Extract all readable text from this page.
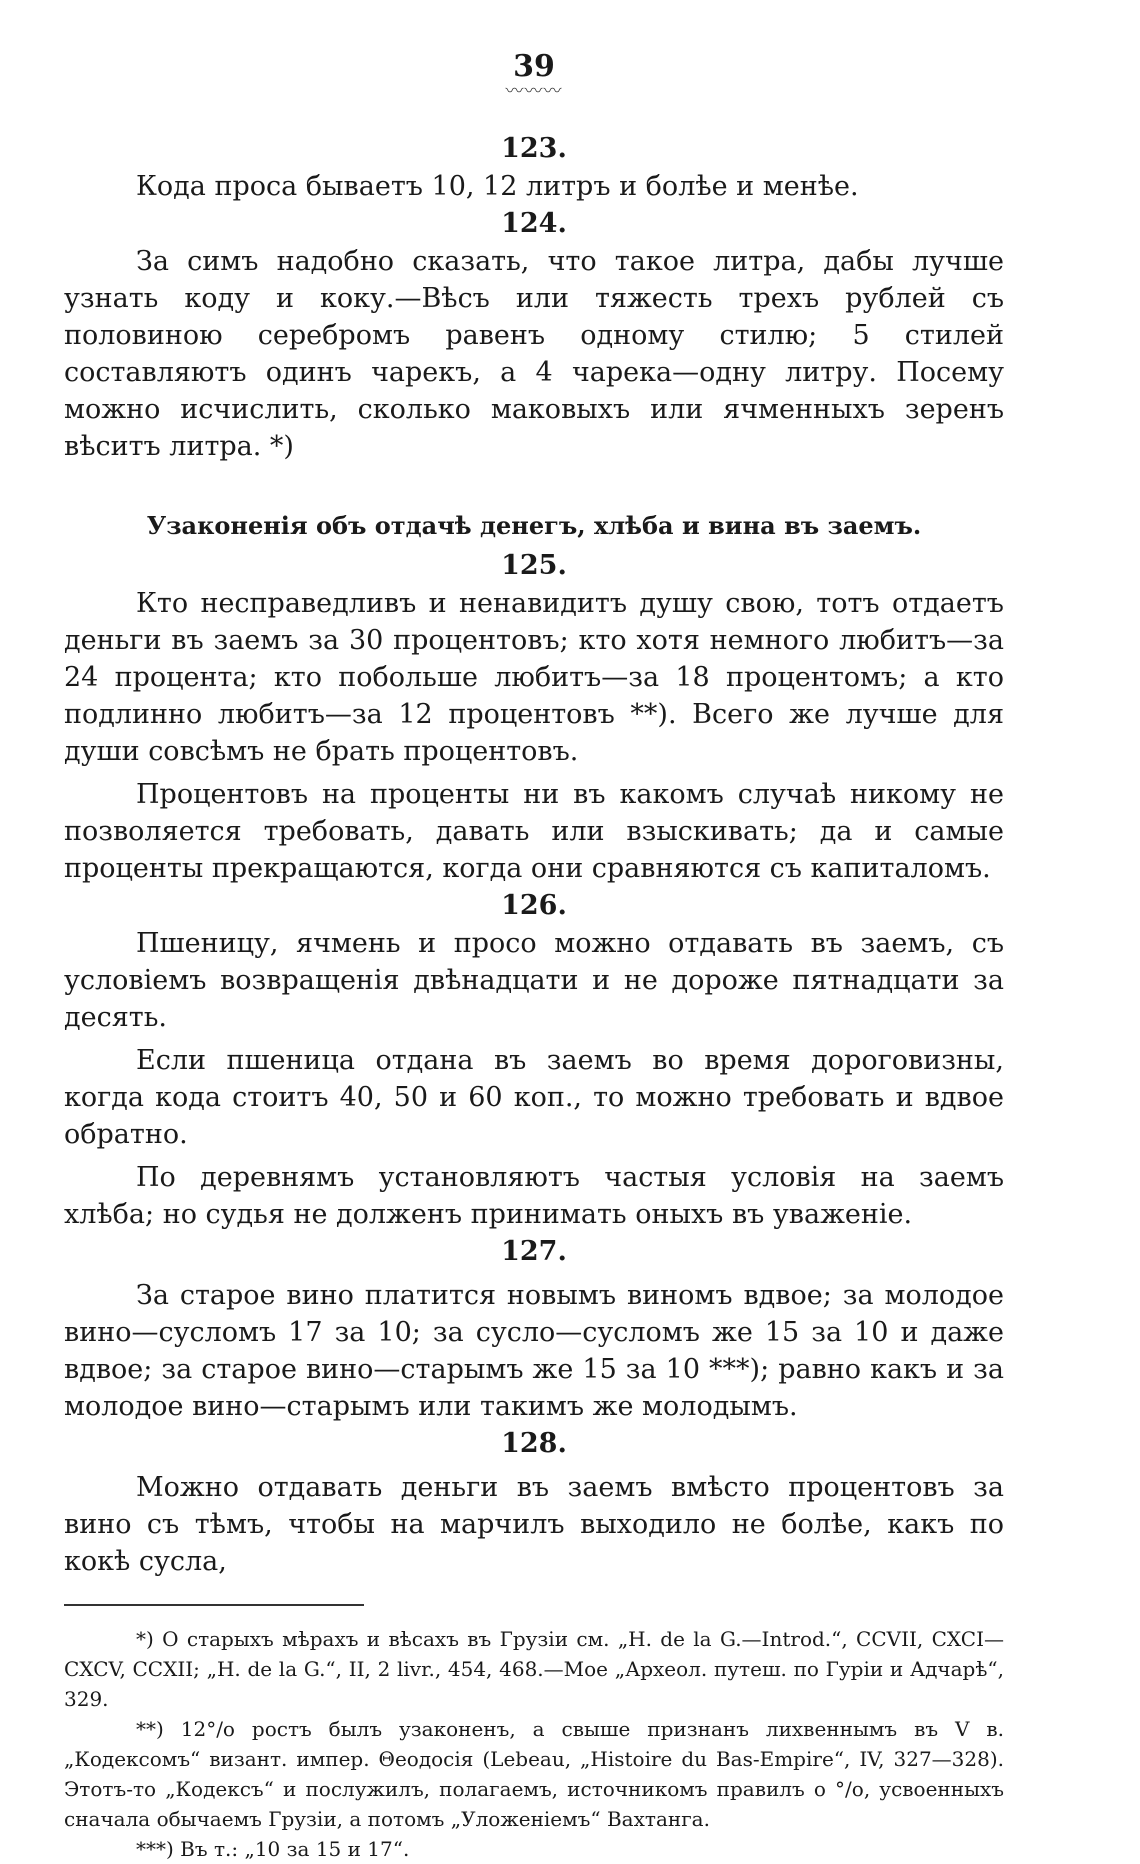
39
〰〰〰
123.

Кода проса бываетъ 10, 12 литръ и болѣе и менѣе.

124.

За симъ надобно сказать, что такое литра, дабы лучше узнать коду и коку.—Вѣсъ или тяжесть трехъ рублей съ половиною серебромъ равенъ одному стилю; 5 стилей составляютъ одинъ чарекъ, а 4 чарека—одну литру. Посему можно исчислить, сколько маковыхъ или ячменныхъ зеренъ вѣситъ литра. *)

Узаконенія объ отдачѣ денегъ, хлѣба и вина въ заемъ.
125.

Кто несправедливъ и ненавидитъ душу свою, тотъ отдаетъ деньги въ заемъ за 30 процентовъ; кто хотя немного любитъ—за 24 процента; кто побольше любитъ—за 18 процентомъ; а кто подлинно любитъ—за 12 процентовъ **). Всего же лучше для души совсѣмъ не брать процентовъ.

Процентовъ на проценты ни въ какомъ случаѣ никому не позволяется требовать, давать или взыскивать; да и самые проценты прекращаются, когда они сравняются съ капиталомъ.

126.

Пшеницу, ячмень и просо можно отдавать въ заемъ, съ условіемъ возвращенія двѣнадцати и не дороже пятнадцати за десять.

Если пшеница отдана въ заемъ во время дороговизны, когда кода стоитъ 40, 50 и 60 коп., то можно требовать и вдвое обратно.

По деревнямъ установляютъ частыя условія на заемъ хлѣба; но судья не долженъ принимать оныхъ въ уваженіе.

127.

За старое вино платится новымъ виномъ вдвое; за молодое вино—сусломъ 17 за 10; за сусло—сусломъ же 15 за 10 и даже вдвое; за старое вино—старымъ же 15 за 10 ***); равно какъ и за молодое вино—старымъ или такимъ же молодымъ.

128.

Можно отдавать деньги въ заемъ вмѣсто процентовъ за вино съ тѣмъ, чтобы на марчилъ выходило не болѣе, какъ по кокѣ сусла,

*) О старыхъ мѣрахъ и вѣсахъ въ Грузіи см. „H. de la G.—Introd.“, CCVII, CXCI—CXCV, CCXII; „H. de la G.“, II, 2 livr., 454, 468.—Мое „Археол. путеш. по Гуріи и Адчарѣ“, 329.

**) 12°/o ростъ былъ узаконенъ, а свыше признанъ лихвеннымъ въ V в. „Кодексомъ“ визант. импер. Θеодосія (Lebeau, „Histoire du Bas-Empire“, IV, 327—328). Этотъ-то „Кодексъ“ и послужилъ, полагаемъ, источникомъ правилъ о °/o, усвоенныхъ сначала обычаемъ Грузіи, а потомъ „Уложеніемъ“ Вахтанга.

***) Въ т.: „10 за 15 и 17“.
